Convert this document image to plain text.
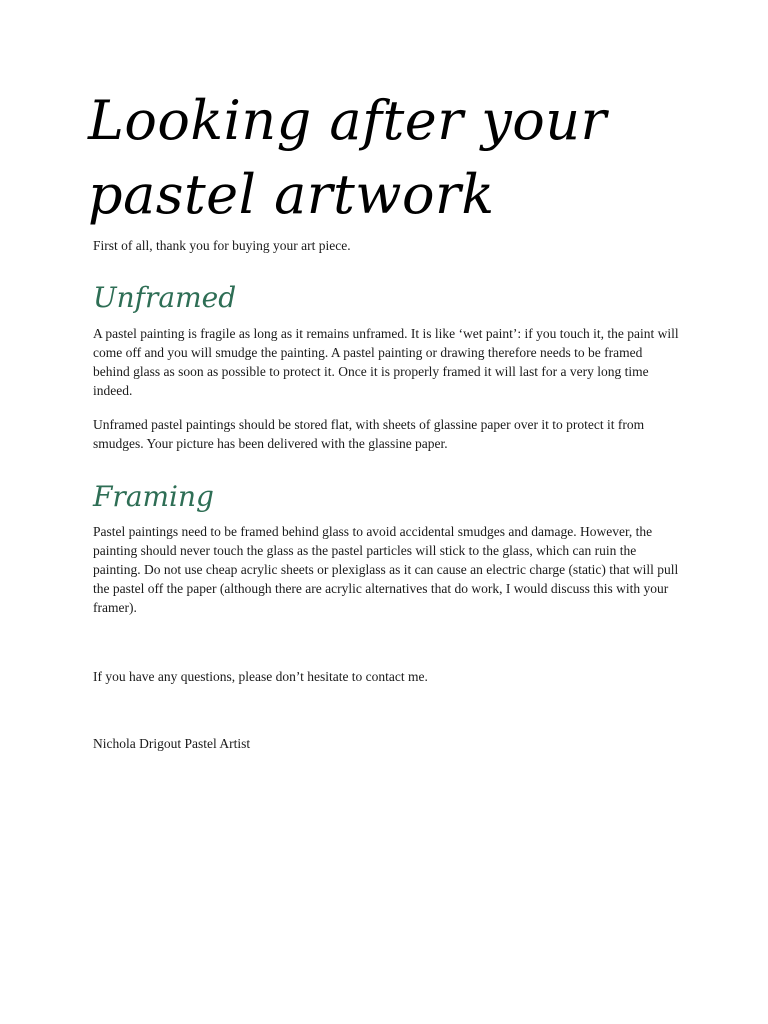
Looking after your pastel artwork

First of all, thank you for buying your art piece.

Unframed

A pastel painting is fragile as long as it remains unframed. It is like ‘wet paint’: if you touch it, the paint will come off and you will smudge the painting. A pastel painting or drawing therefore needs to be framed behind glass as soon as possible to protect it. Once it is properly framed it will last for a very long time indeed.

Unframed pastel paintings should be stored flat, with sheets of glassine paper over it to protect it from smudges. Your picture has been delivered with the glassine paper.

Framing

Pastel paintings need to be framed behind glass to avoid accidental smudges and damage. However, the painting should never touch the glass as the pastel particles will stick to the glass, which can ruin the painting. Do not use cheap acrylic sheets or plexiglass as it can cause an electric charge (static) that will pull the pastel off the paper (although there are acrylic alternatives that do work, I would discuss this with your framer).

If you have any questions, please don’t hesitate to contact me.

Nichola Drigout Pastel Artist
